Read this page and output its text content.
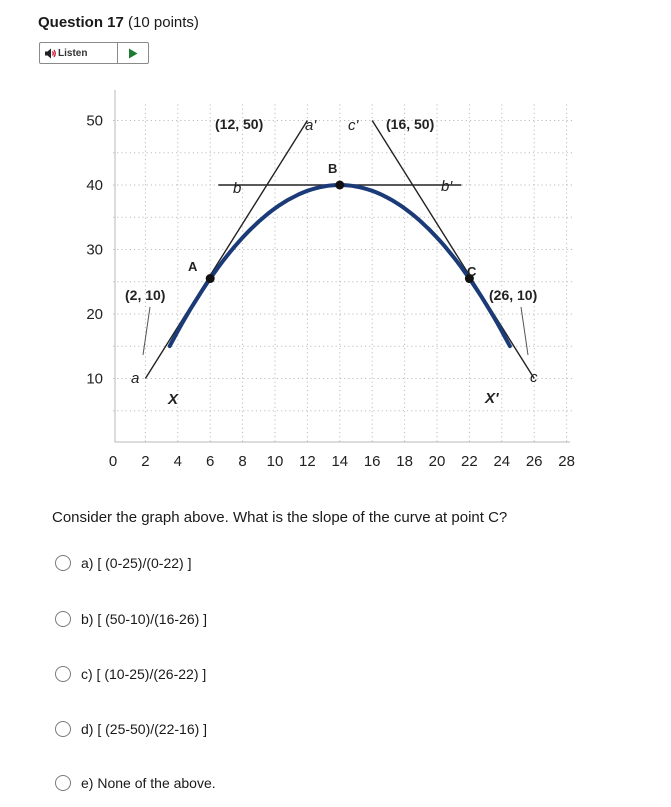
Question 17 (10 points)
Listen
0 2 4 6 8 10 12 14 16 18 20 22 24 26 28
10
20
30
40
50	(12, 50)	(16, 50)
(2, 10)	(26, 10)
a' c'
a	c
b	b'
X	X'
A
B
C
Consider the graph above. What is the slope of the curve at point C?
a) [ (0-25)/(0-22) ]
b) [ (50-10)/(16-26) ]
c) [ (10-25)/(26-22) ]
d) [ (25-50)/(22-16) ]
e) None of the above.
